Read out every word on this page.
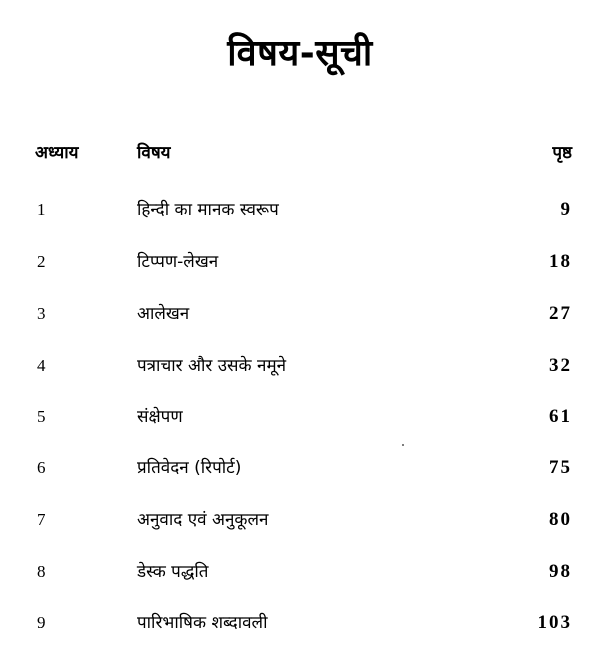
विषय-सूची
अध्याय	विषय	पृष्ठ
1	हिन्दी का मानक स्वरूप	9
2	टिप्पण-लेखन	18
3	आलेखन	27
4	पत्राचार और उसके नमूने	32
5	संक्षेपण	61
6	प्रतिवेदन (रिपोर्ट)	75
7	अनुवाद एवं अनुकूलन	80
8	डेस्क पद्धति	98
9	पारिभाषिक शब्दावली	103
